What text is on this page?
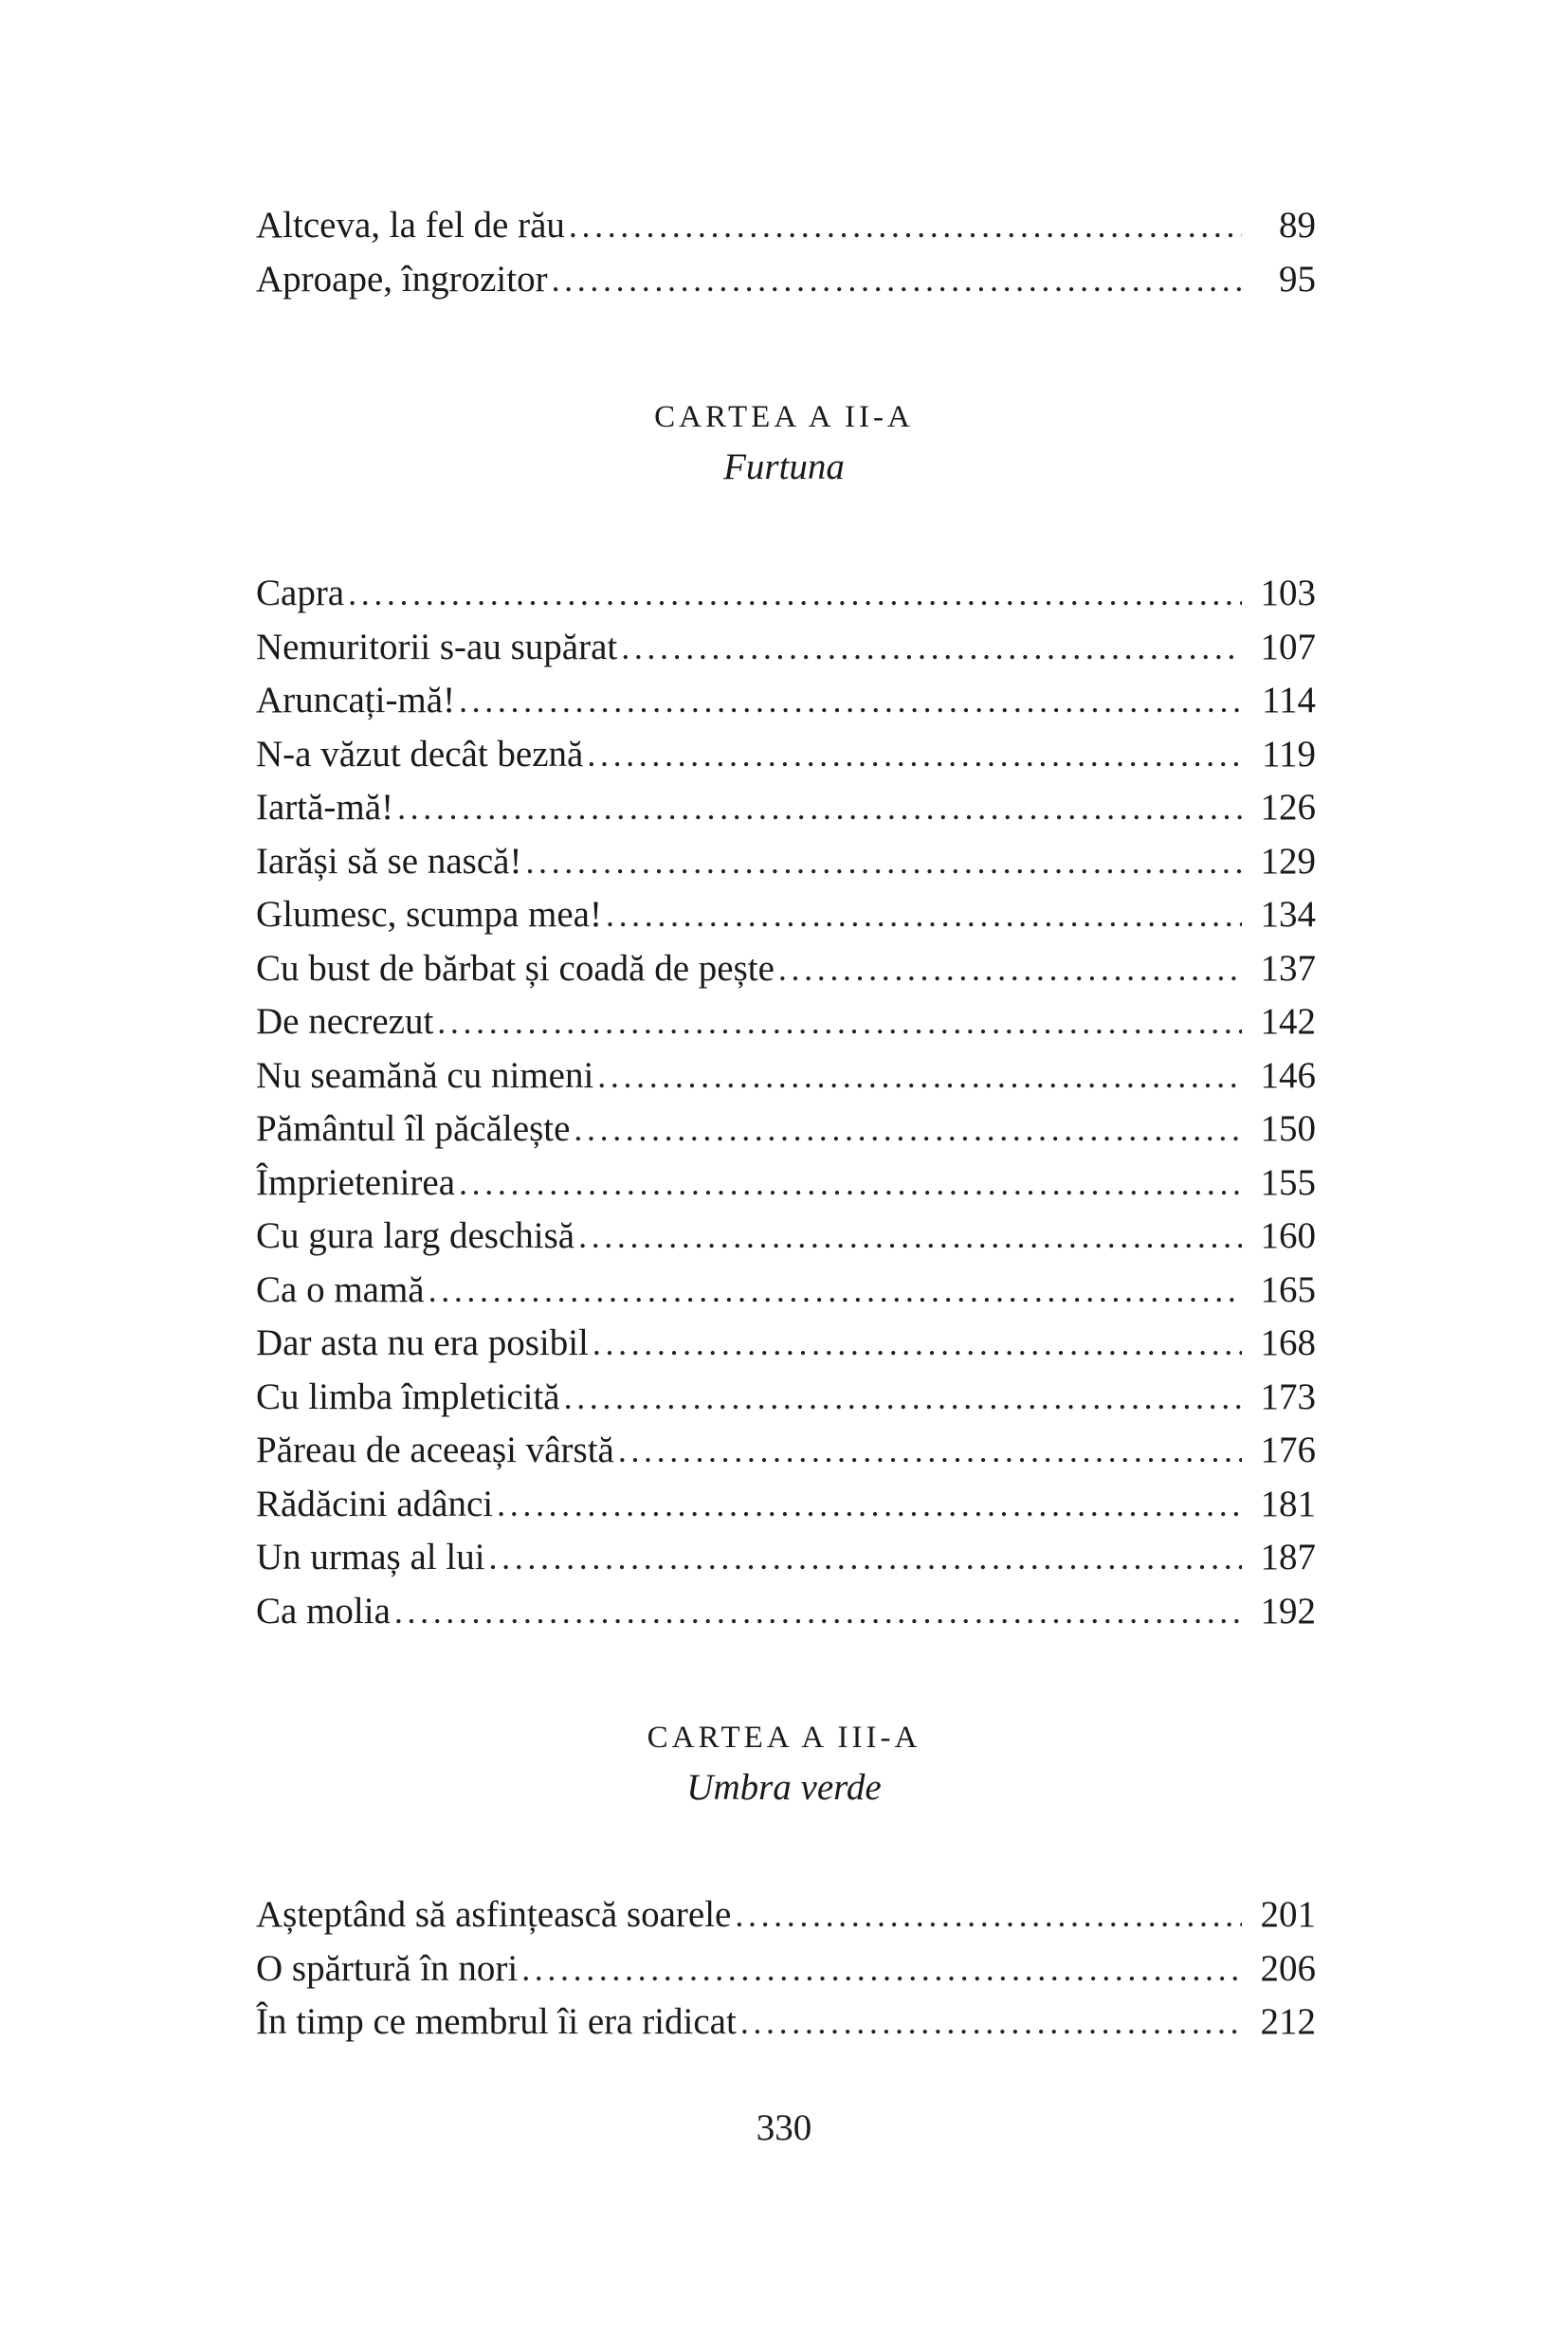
Altceva, la fel de rău . . .	89
Aproape, îngrozitor . . .	95
CARTEA A II-A
Furtuna
Capra . . .	103
Nemuritorii s-au supărat . . .	107
Aruncați-mă! . . .	114
N-a văzut decât beznă . . .	119
Iartă-mă! . . .	126
Iarăși să se nască! . . .	129
Glumesc, scumpa mea! . . .	134
Cu bust de bărbat și coadă de pește . . .	137
De necrezut . . .	142
Nu seamănă cu nimeni . . .	146
Pământul îl păcălește . . .	150
Împrietenirea . . .	155
Cu gura larg deschisă . . .	160
Ca o mamă . . .	165
Dar asta nu era posibil . . .	168
Cu limba împleticită . . .	173
Păreau de aceeași vârstă . . .	176
Rădăcini adânci . . .	181
Un urmaș al lui . . .	187
Ca molia . . .	192
CARTEA A III-A
Umbra verde
Așteptând să asfințească soarele . . .	201
O spărtură în nori . . .	206
În timp ce membrul îi era ridicat . . .	212
330
